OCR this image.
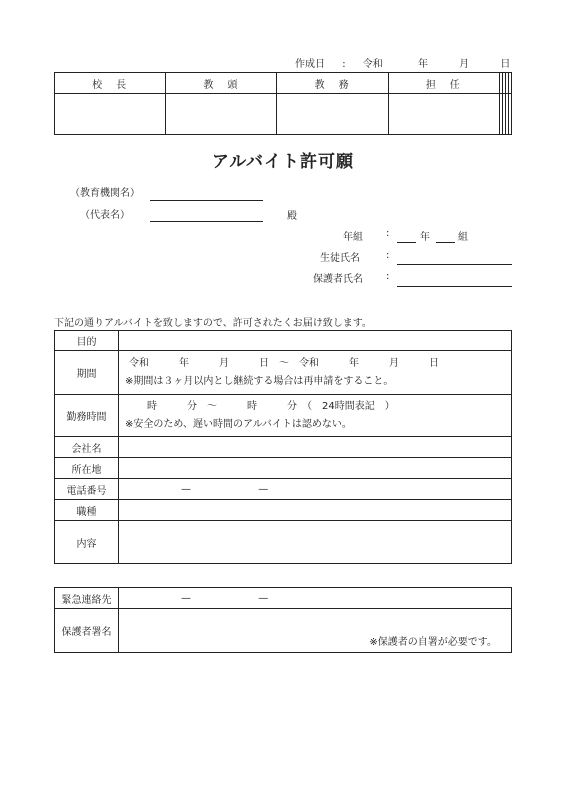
作成日 : 令和	年	月	日
校　長	教　頭	教　務	担　任				

アルバイト許可願
（教育機関名）
（代表名）	殿
年組 :	年	組
生徒氏名	:
保護者氏名 :
下記の通りアルバイトを致しますので、許可されたくお届け致します。
目的	
期間	令和　　　年　　　月　　　日　～　令和　　　年　　　月　　　日
※期間は３ヶ月以内とし継続する場合は再申請をすること。

勤務時間	時　　　分　～　　　時　　　分　（　24時間表記　）
※安全のため、遅い時間のアルバイトは認めない。

会社名	
所在地	
電話番号	— —
職種	
内容	
緊急連絡先	— —
保護者署名	※保護者の自署が必要です。
